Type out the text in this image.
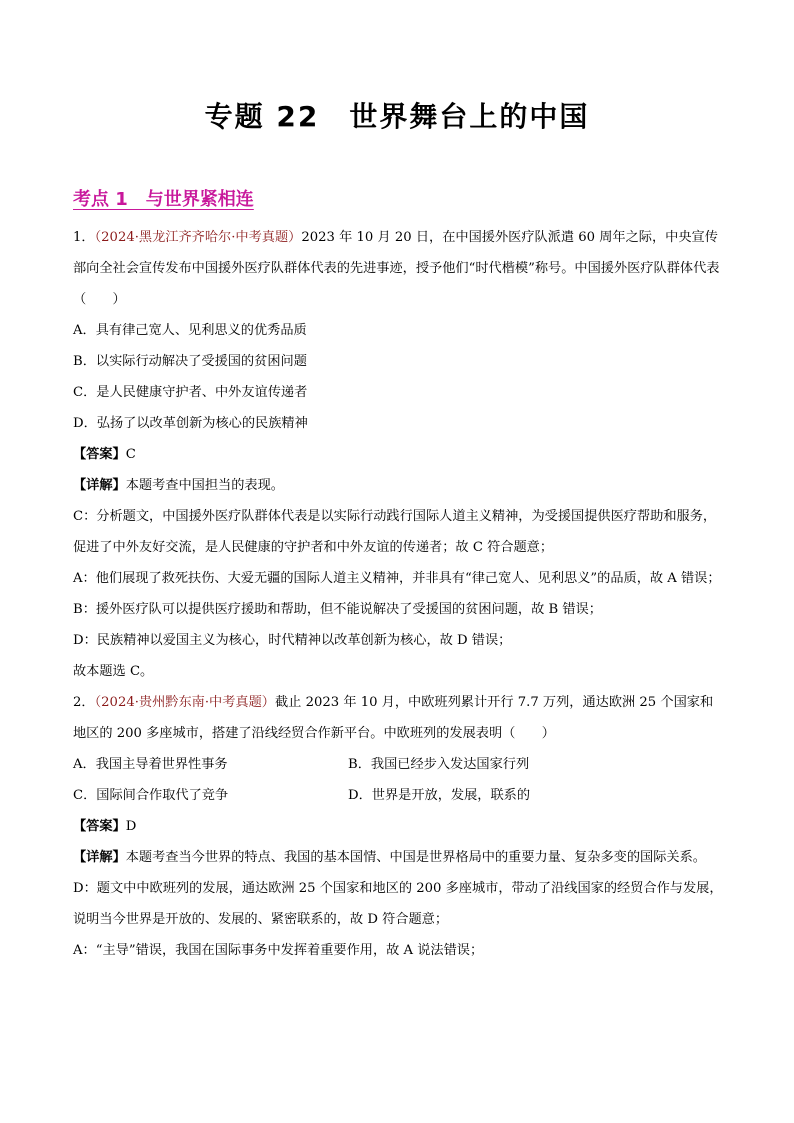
专题 22　世界舞台上的中国
考点 1　与世界紧相连

1．（2024·黑龙江齐齐哈尔·中考真题）2023 年 10 月 20 日，在中国援外医疗队派遣 60 周年之际，中央宣传部向全社会宣传发布中国援外医疗队群体代表的先进事迹，授予他们“时代楷模”称号。中国援外医疗队群体代表（　　）

A．具有律己宽人、见利思义的优秀品质

B．以实际行动解决了受援国的贫困问题

C．是人民健康守护者、中外友谊传递者

D．弘扬了以改革创新为核心的民族精神

【答案】C

【详解】本题考查中国担当的表现。

C：分析题文，中国援外医疗队群体代表是以实际行动践行国际人道主义精神，为受援国提供医疗帮助和服务，促进了中外友好交流，是人民健康的守护者和中外友谊的传递者；故 C 符合题意；

A：他们展现了救死扶伤、大爱无疆的国际人道主义精神，并非具有“律己宽人、见利思义”的品质，故 A 错误；

B：援外医疗队可以提供医疗援助和帮助，但不能说解决了受援国的贫困问题，故 B 错误；

D：民族精神以爱国主义为核心，时代精神以改革创新为核心，故 D 错误；

故本题选 C。

2．（2024·贵州黔东南·中考真题）截止 2023 年 10 月，中欧班列累计开行 7.7 万列，通达欧洲 25 个国家和地区的 200 多座城市，搭建了沿线经贸合作新平台。中欧班列的发展表明（　　）

A．我国主导着世界性事务	B．我国已经步入发达国家行列
C．国际间合作取代了竞争	D．世界是开放，发展，联系的

【答案】D

【详解】本题考查当今世界的特点、我国的基本国情、中国是世界格局中的重要力量、复杂多变的国际关系。

D：题文中中欧班列的发展，通达欧洲 25 个国家和地区的 200 多座城市，带动了沿线国家的经贸合作与发展，说明当今世界是开放的、发展的、紧密联系的，故 D 符合题意；

A：“主导”错误，我国在国际事务中发挥着重要作用，故 A 说法错误；
